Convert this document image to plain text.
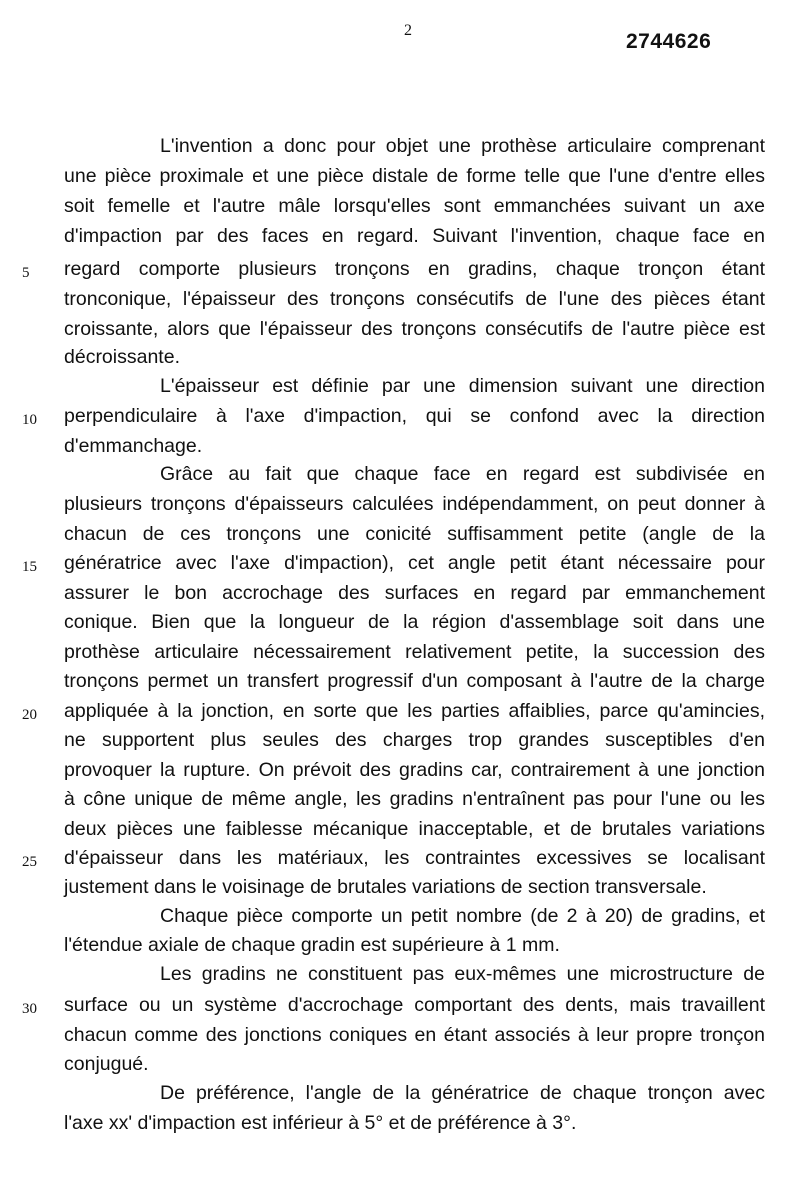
2	2744626
L'invention a donc pour objet une prothèse articulaire comprenant
une pièce proximale et une pièce distale de forme telle que l'une d'entre elles
soit femelle et l'autre mâle lorsqu'elles sont emmanchées suivant un axe
d'impaction par des faces en regard. Suivant l'invention, chaque face en
regard comporte plusieurs tronçons en gradins, chaque tronçon étant
tronconique, l'épaisseur des tronçons consécutifs de l'une des pièces étant
croissante, alors que l'épaisseur des tronçons consécutifs de l'autre pièce est
décroissante.
L'épaisseur est définie par une dimension suivant une direction
perpendiculaire à l'axe d'impaction, qui se confond avec la direction
d'emmanchage.
Grâce au fait que chaque face en regard est subdivisée en
plusieurs tronçons d'épaisseurs calculées indépendamment, on peut donner à
chacun de ces tronçons une conicité suffisamment petite (angle de la
génératrice avec l'axe d'impaction), cet angle petit étant nécessaire pour
assurer le bon accrochage des surfaces en regard par emmanchement
conique. Bien que la longueur de la région d'assemblage soit dans une
prothèse articulaire nécessairement relativement petite, la succession des
tronçons permet un transfert progressif d'un composant à l'autre de la charge
appliquée à la jonction, en sorte que les parties affaiblies, parce qu'amincies,
ne supportent plus seules des charges trop grandes susceptibles d'en
provoquer la rupture. On prévoit des gradins car, contrairement à une jonction
à cône unique de même angle, les gradins n'entraînent pas pour l'une ou les
deux pièces une faiblesse mécanique inacceptable, et de brutales variations
d'épaisseur dans les matériaux, les contraintes excessives se localisant
justement dans le voisinage de brutales variations de section transversale.
Chaque pièce comporte un petit nombre (de 2 à 20) de gradins, et
l'étendue axiale de chaque gradin est supérieure à 1 mm.
Les gradins ne constituent pas eux-mêmes une microstructure de
surface ou un système d'accrochage comportant des dents, mais travaillent
chacun comme des jonctions coniques en étant associés à leur propre tronçon
conjugué.
De préférence, l'angle de la génératrice de chaque tronçon avec
l'axe xx' d'impaction est inférieur à 5° et de préférence à 3°.
5
10
15
20
25
30
